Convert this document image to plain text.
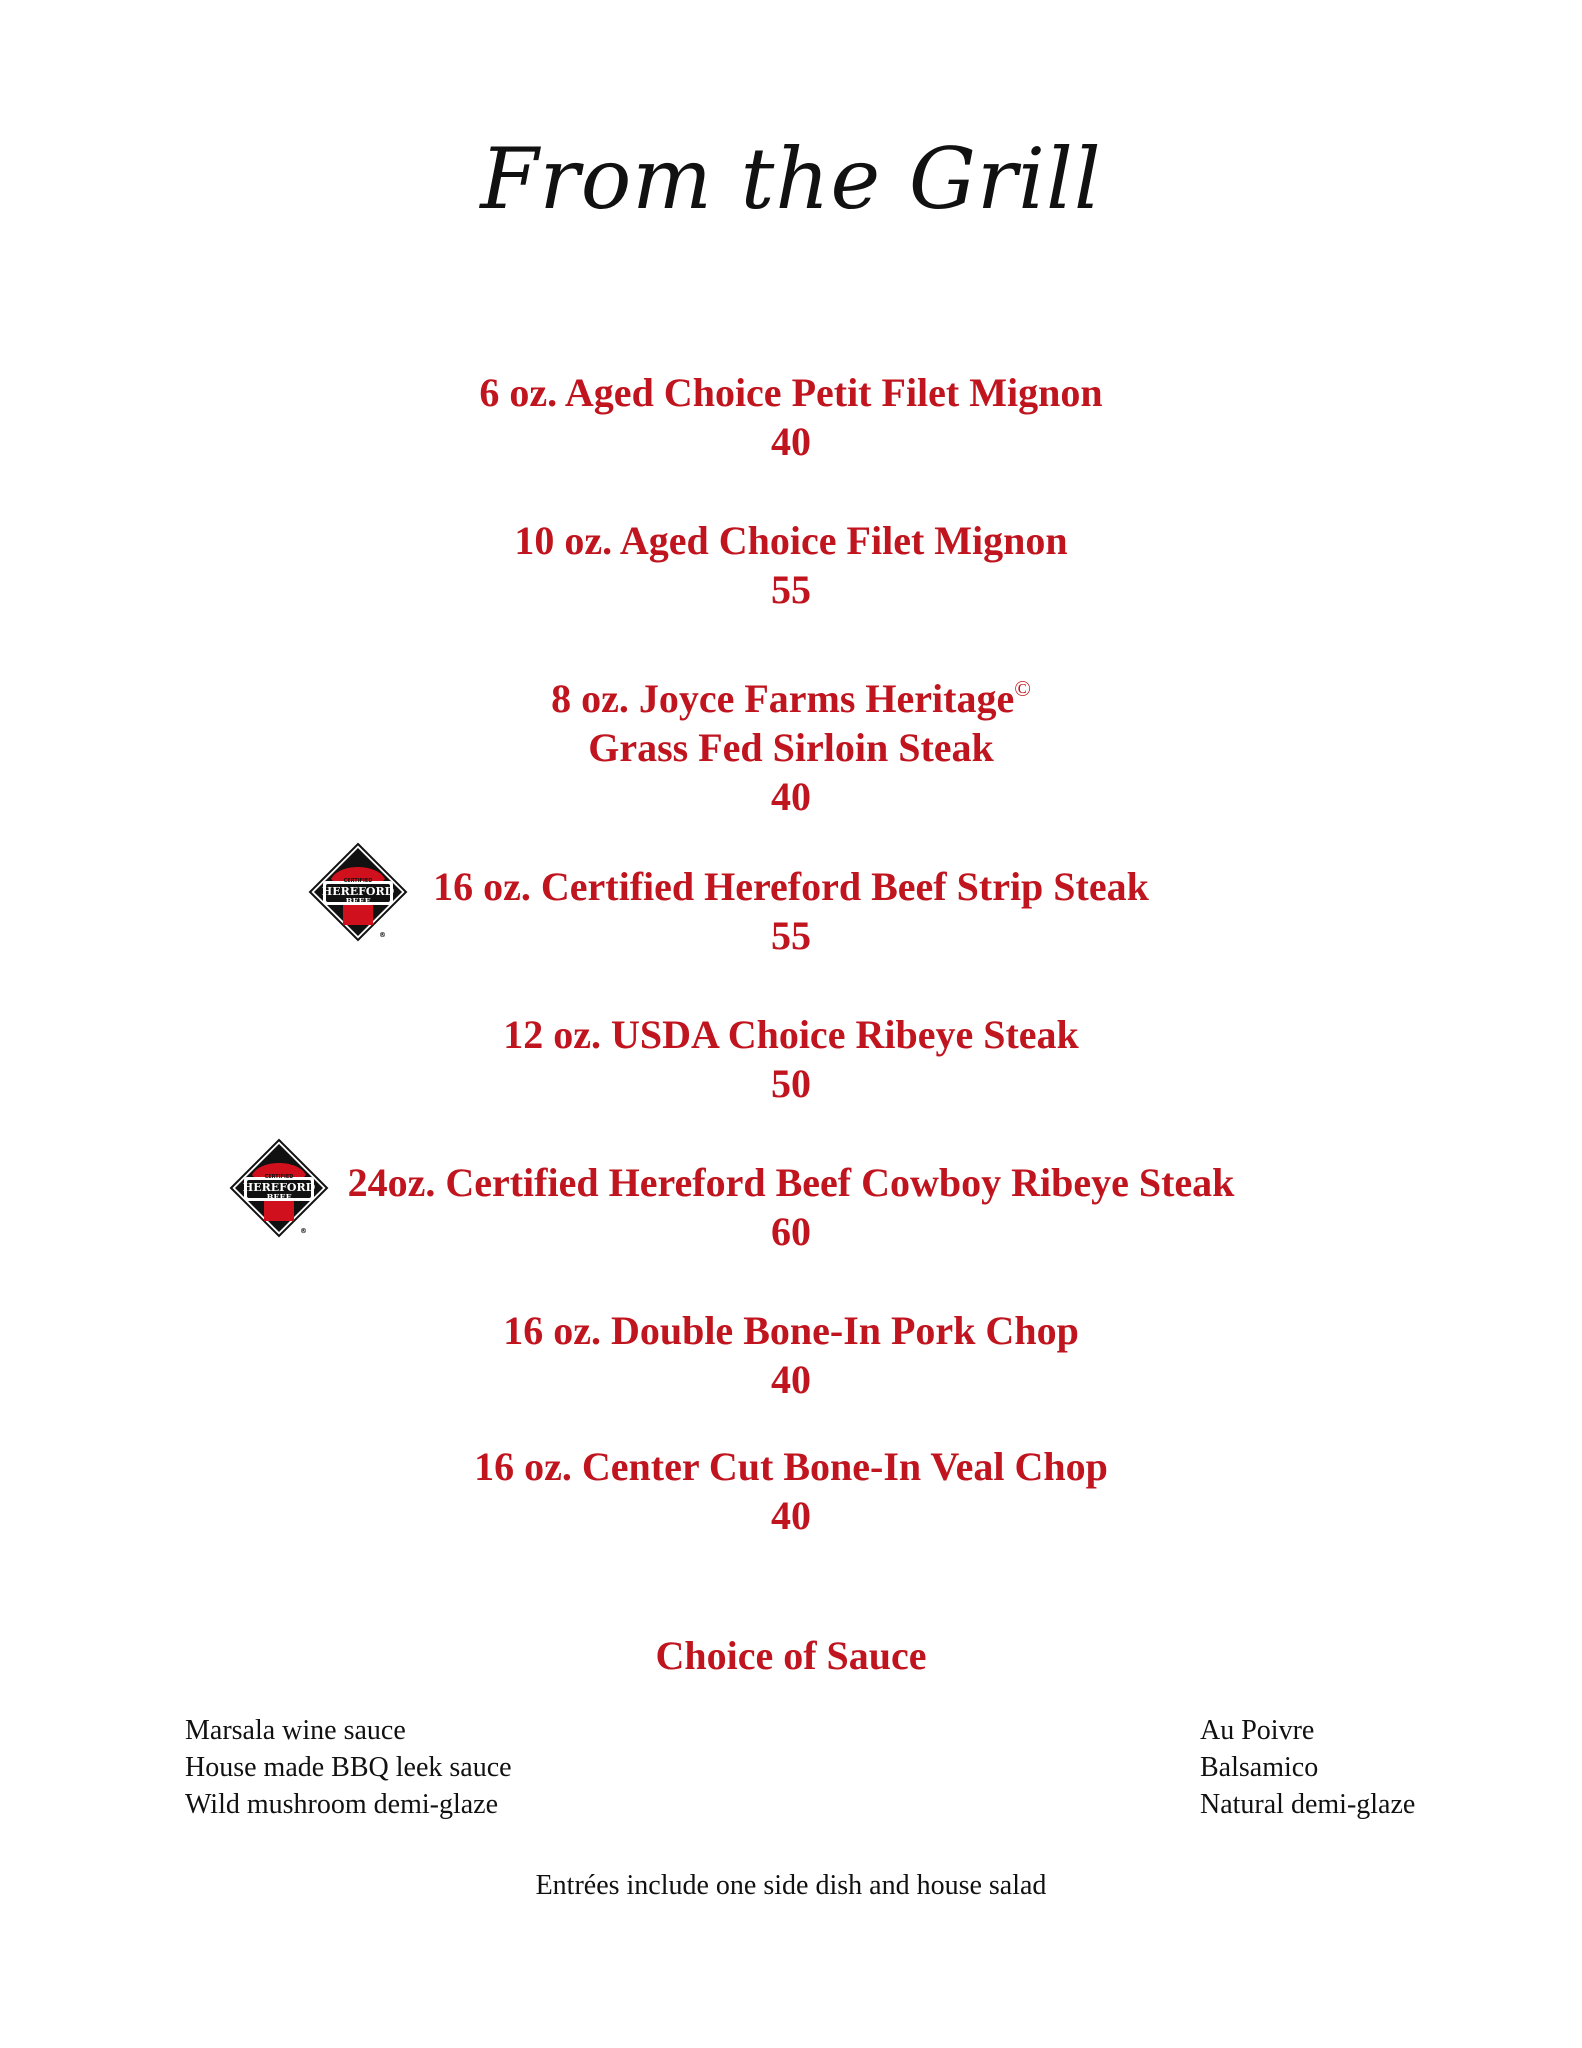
From the Grill
6 oz. Aged Choice Petit Filet Mignon
40
10 oz. Aged Choice Filet Mignon
55
8 oz. Joyce Farms Heritage©
Grass Fed Sirloin Steak
40
CERTIFIED
HEREFORD
BEEF
®
16 oz. Certified Hereford Beef Strip Steak
55
12 oz. USDA Choice Ribeye Steak
50
CERTIFIED
HEREFORD
BEEF
®
24oz. Certified Hereford Beef Cowboy Ribeye Steak
60
16 oz. Double Bone-In Pork Chop
40
16 oz. Center Cut Bone-In Veal Chop
40
Choice of Sauce
Marsala wine sauce
House made BBQ leek sauce
Wild mushroom demi-glaze
Au Poivre
Balsamico
Natural demi-glaze
Entrées include one side dish and house salad
